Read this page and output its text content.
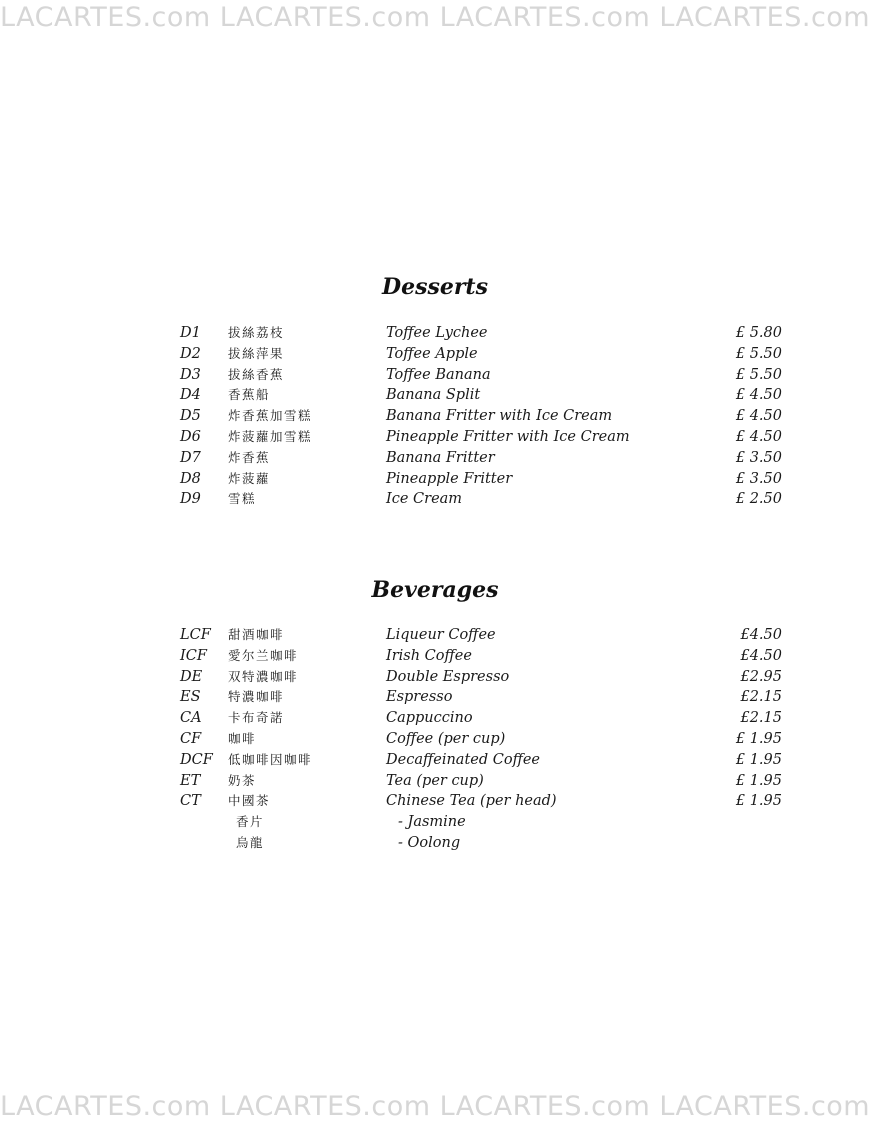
LACARTES.com LACARTES.com LACARTES.com LACARTES.com
Desserts
D1 拔絲荔枝	Toffee Lychee	£ 5.80
D2 拔絲萍果	Toffee Apple	£ 5.50
D3 拔絲香蕉	Toffee Banana	£ 5.50
D4 香蕉船	Banana Split	£ 4.50
D5 炸香蕉加雪糕	Banana Fritter with Ice Cream	£ 4.50
D6 炸菠蘿加雪糕	Pineapple Fritter with Ice Cream	£ 4.50
D7 炸香蕉	Banana Fritter	£ 3.50
D8 炸菠蘿	Pineapple Fritter	£ 3.50
D9 雪糕	Ice Cream	£ 2.50
Beverages
LCF 甜酒咖啡	Liqueur Coffee	£4.50
ICF 愛尔兰咖啡	Irish Coffee	£4.50
DE 双特濃咖啡	Double Espresso	£2.95
ES 特濃咖啡	Espresso	£2.15
CA 卡布奇諾	Cappuccino	£2.15
CF 咖啡	Coffee (per cup)	£ 1.95
DCF 低咖啡因咖啡	Decaffeinated Coffee	£ 1.95
ET 奶茶	Tea (per cup)	£ 1.95
CT 中國茶	Chinese Tea (per head)	£ 1.95
香片	- Jasmine
烏龍	- Oolong
LACARTES.com LACARTES.com LACARTES.com LACARTES.com
